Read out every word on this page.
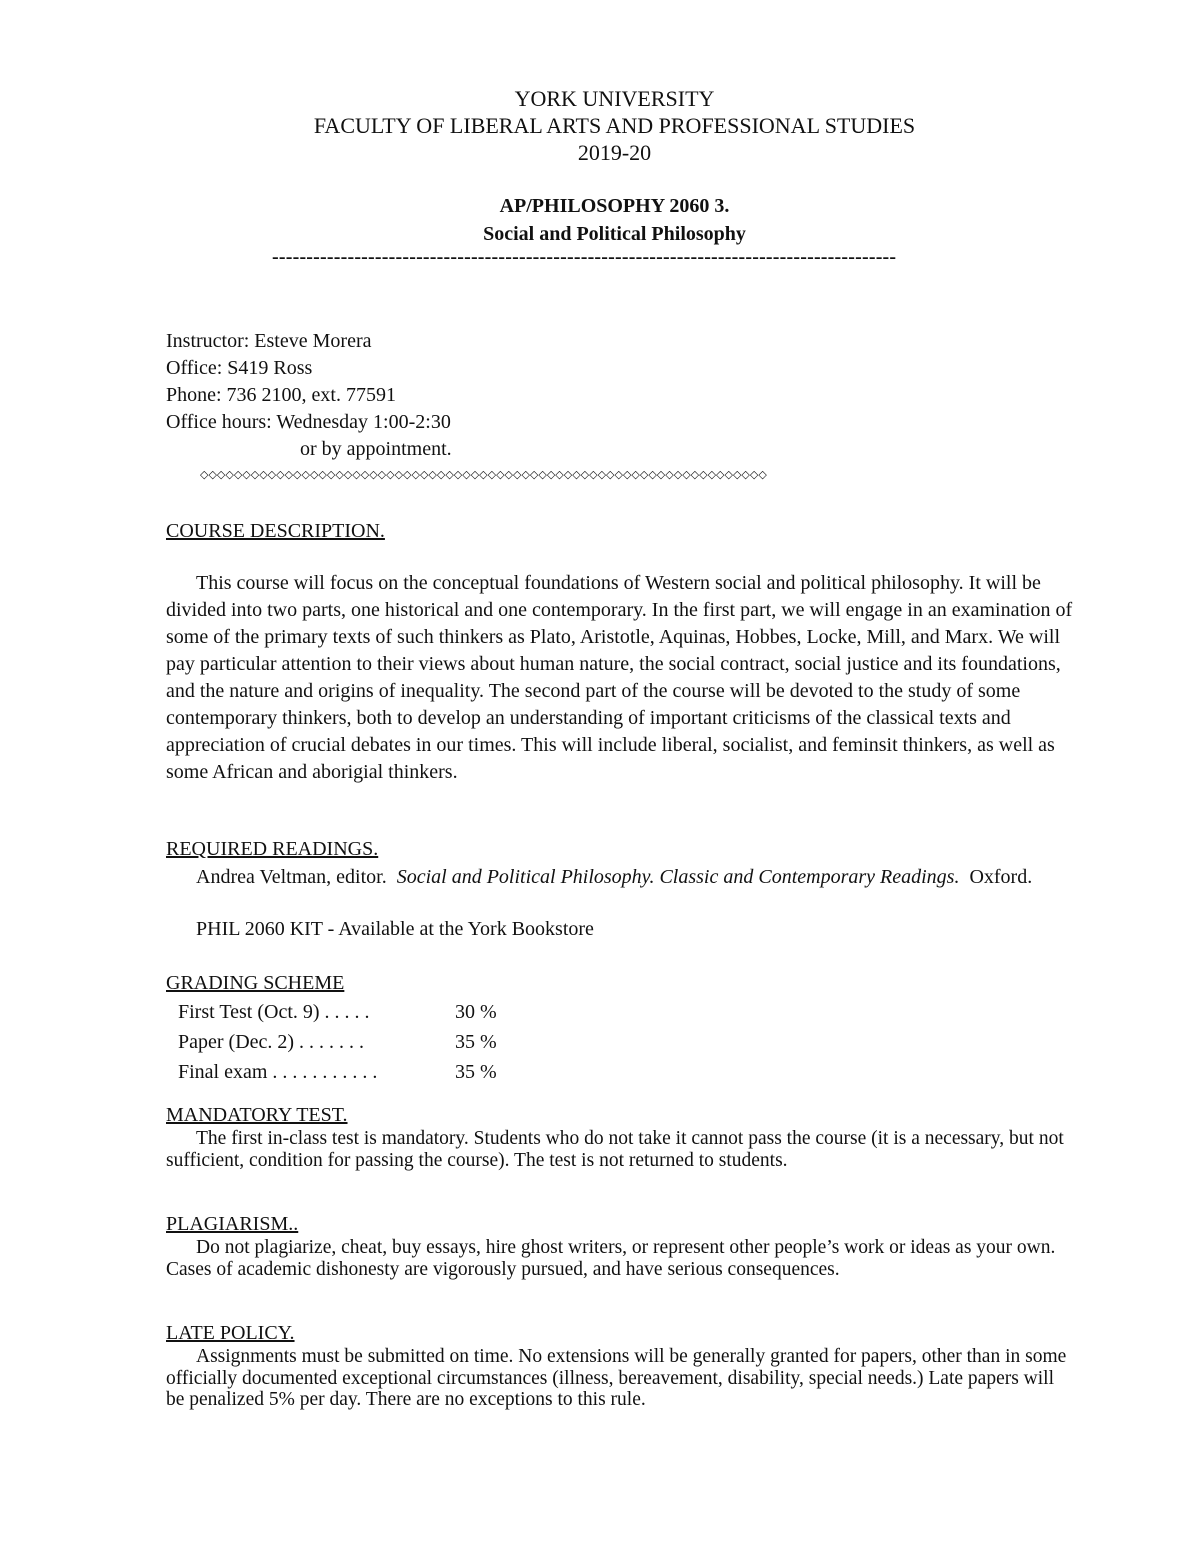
YORK UNIVERSITY
FACULTY OF LIBERAL ARTS AND PROFESSIONAL STUDIES
2019-20
AP/PHILOSOPHY 2060 3.
Social and Political Philosophy
-------------------------------------------------------------------------------------------
Instructor: Esteve Morera
Office: S419 Ross
Phone: 736 2100, ext. 77591
Office hours: Wednesday 1:00-2:30
or by appointment.
◇◇◇◇◇◇◇◇◇◇◇◇◇◇◇◇◇◇◇◇◇◇◇◇◇◇◇◇◇◇◇◇◇◇◇◇◇◇◇◇◇◇◇◇◇◇◇◇◇◇◇◇◇◇◇◇◇◇◇◇◇◇◇◇◇◇◇
COURSE DESCRIPTION.
This course will focus on the conceptual foundations of Western social and political philosophy. It will be divided into two parts, one historical and one contemporary. In the first part, we will engage in an examination of some of the primary texts of such thinkers as Plato, Aristotle, Aquinas, Hobbes, Locke, Mill, and Marx. We will pay particular attention to their views about human nature, the social contract, social justice and its foundations, and the nature and origins of inequality. The second part of the course will be devoted to the study of some contemporary thinkers, both to develop an understanding of important criticisms of the classical texts and appreciation of crucial debates in our times. This will include liberal, socialist, and feminsit thinkers, as well as some African and aborigial thinkers.
REQUIRED READINGS.
Andrea Veltman, editor. Social and Political Philosophy. Classic and Contemporary Readings. Oxford.
PHIL 2060 KIT - Available at the York Bookstore
GRADING SCHEME
First Test (Oct. 9) . . . . .	30 %
Paper (Dec. 2) . . . . . . .	35 %
Final exam . . . . . . . . . . .	35 %
MANDATORY TEST.
The first in-class test is mandatory. Students who do not take it cannot pass the course (it is a necessary, but not sufficient, condition for passing the course). The test is not returned to students.
PLAGIARISM..
Do not plagiarize, cheat, buy essays, hire ghost writers, or represent other people’s work or ideas as your own. Cases of academic dishonesty are vigorously pursued, and have serious consequences.
LATE POLICY.
Assignments must be submitted on time. No extensions will be generally granted for papers, other than in some officially documented exceptional circumstances (illness, bereavement, disability, special needs.) Late papers will be penalized 5% per day. There are no exceptions to this rule.
